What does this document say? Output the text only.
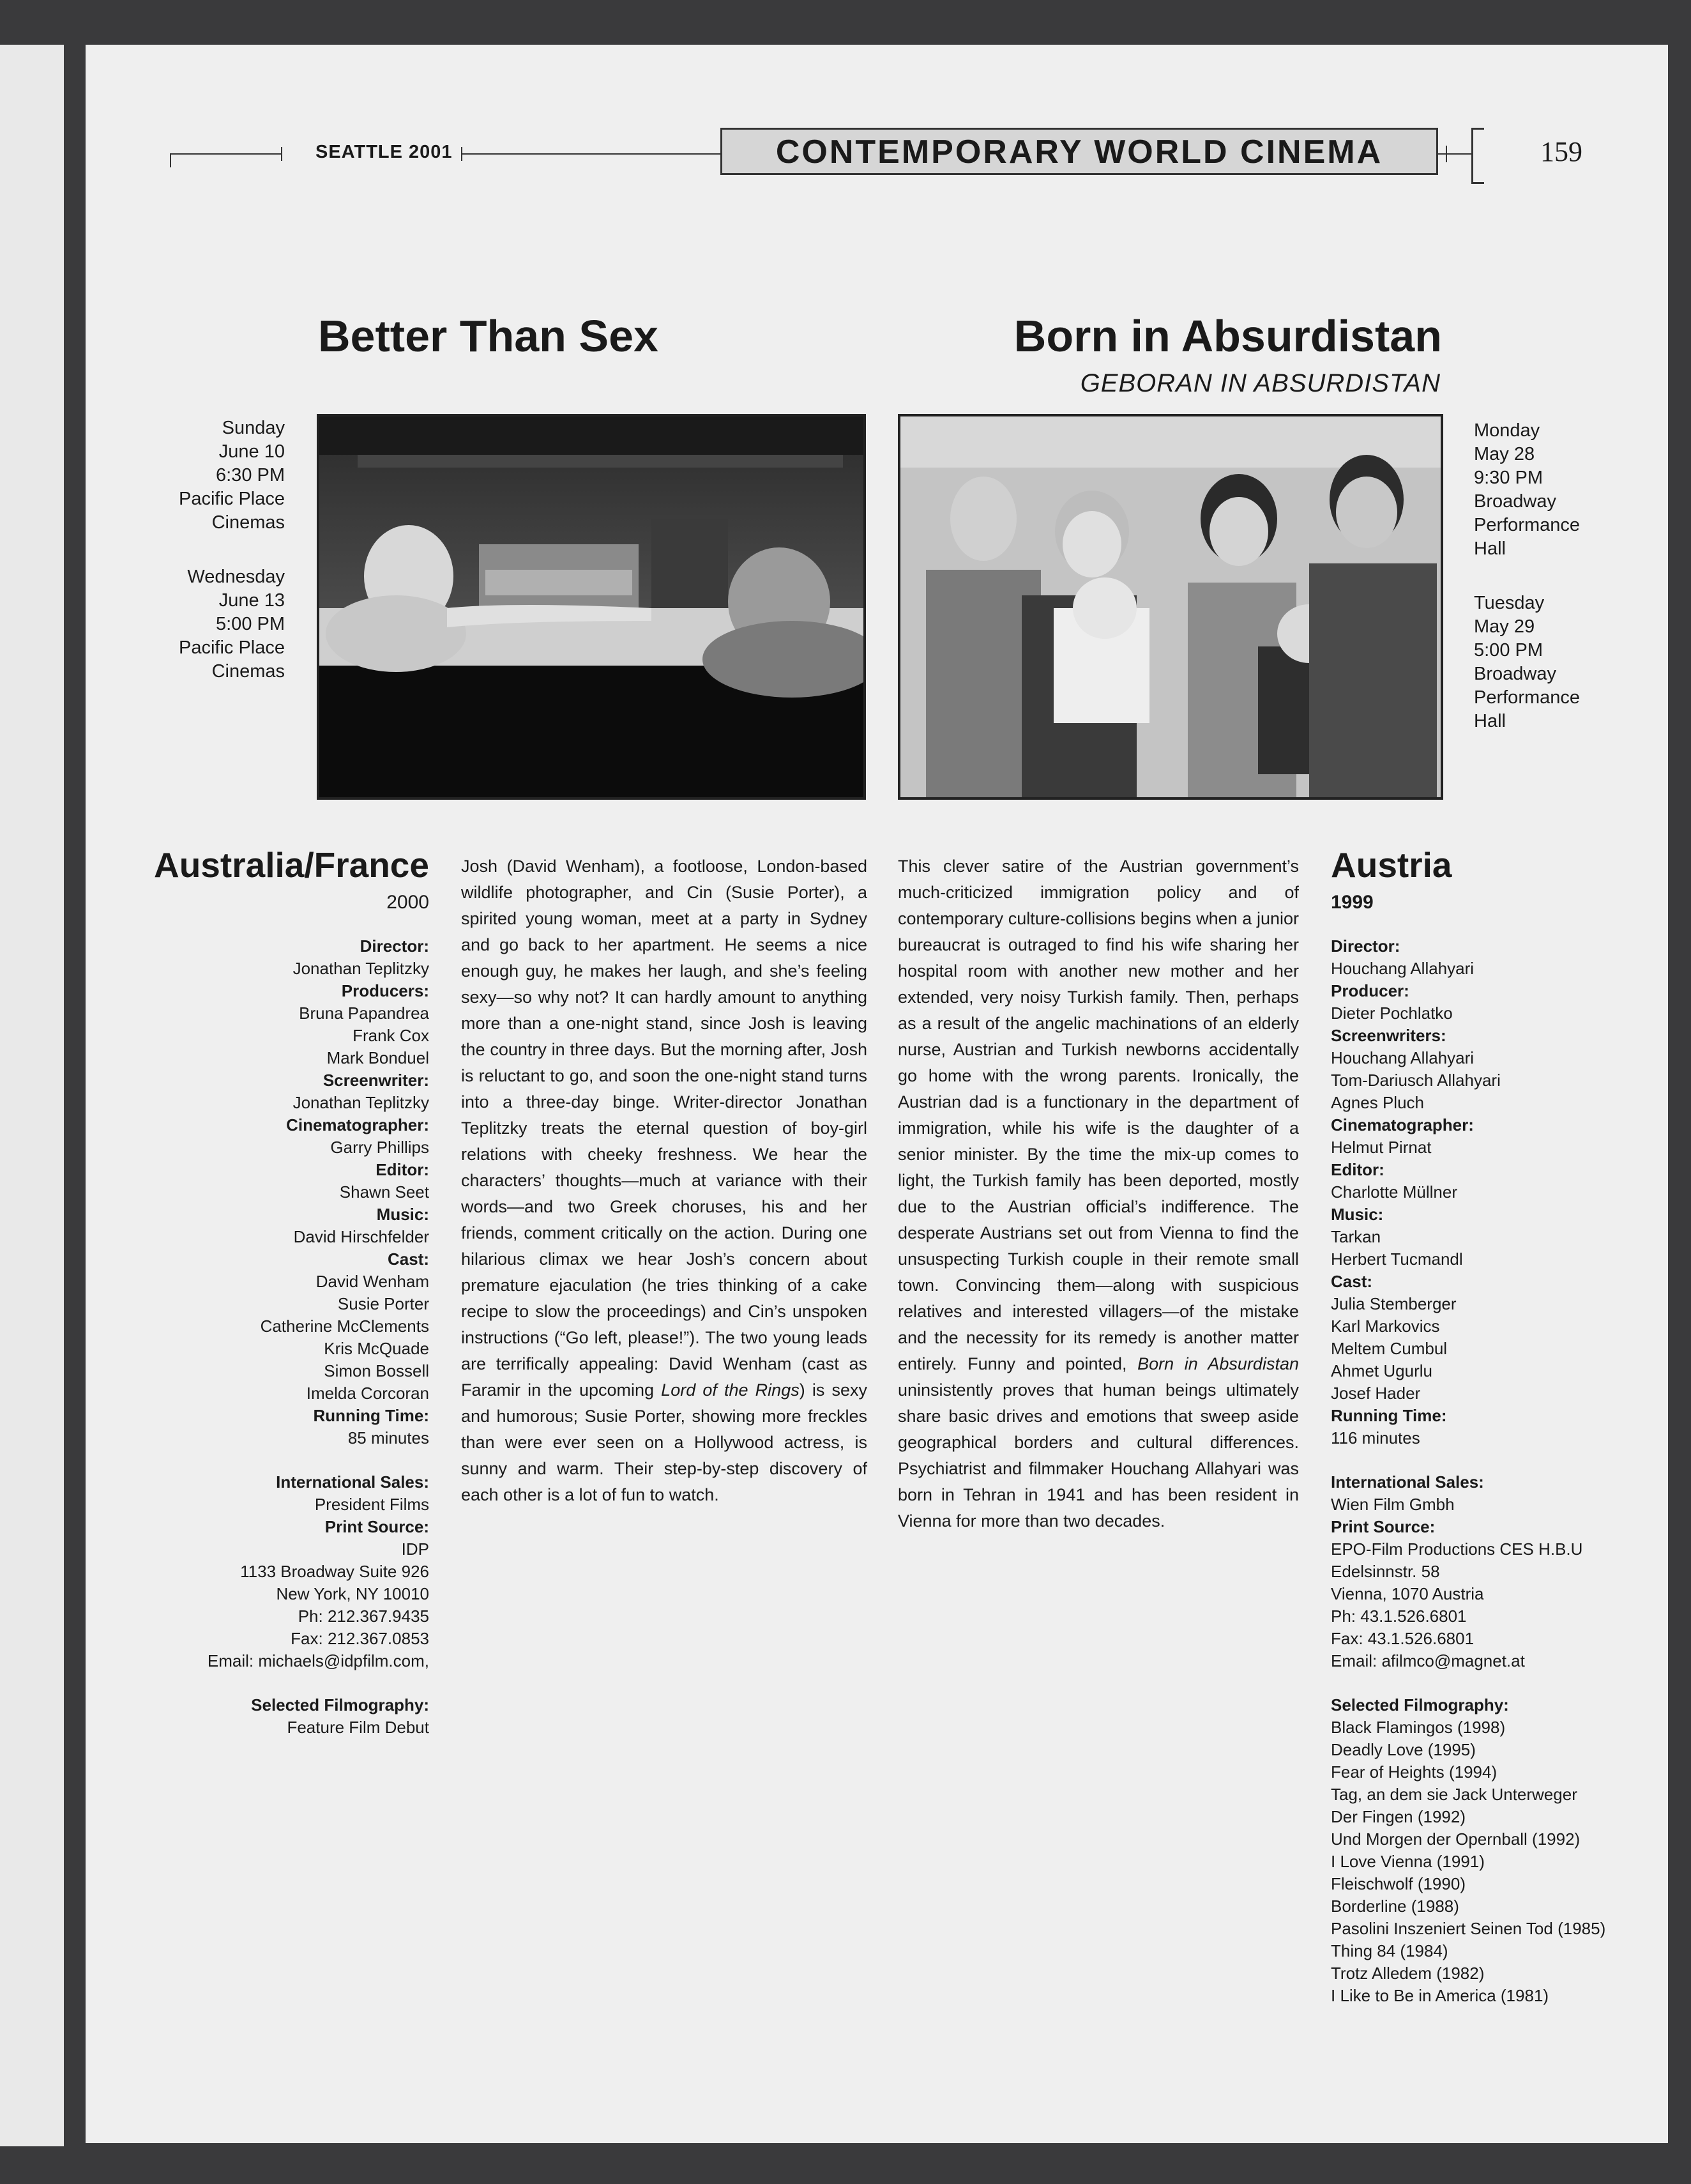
SEATTLE 2001	CONTEMPORARY WORLD CINEMA	159
Better Than Sex	Born in Absurdistan
GEBORAN IN ABSURDISTAN
Sunday
June 10
6:30 PM
Pacific Place
Cinemas
Wednesday
June 13
5:00 PM
Pacific Place
Cinemas
Monday
May 28
9:30 PM
Broadway
Performance
Hall
Tuesday
May 29
5:00 PM
Broadway
Performance
Hall
Australia/France
2000
Austria
1999
Director:
Jonathan Teplitzky
Producers:
Bruna Papandrea
Frank Cox
Mark Bonduel
Screenwriter:
Jonathan Teplitzky
Cinematographer:
Garry Phillips
Editor:
Shawn Seet
Music:
David Hirschfelder
Cast:
David Wenham
Susie Porter
Catherine McClements
Kris McQuade
Simon Bossell
Imelda Corcoran
Running Time:
85 minutes
International Sales:
President Films
Print Source:
IDP
1133 Broadway Suite 926
New York, NY 10010
Ph: 212.367.9435
Fax: 212.367.0853
Email: michaels@idpfilm.com,
Selected Filmography:
Feature Film Debut
Director:
Houchang Allahyari
Producer:
Dieter Pochlatko
Screenwriters:
Houchang Allahyari
Tom-Dariusch Allahyari
Agnes Pluch
Cinematographer:
Helmut Pirnat
Editor:
Charlotte Müllner
Music:
Tarkan
Herbert Tucmandl
Cast:
Julia Stemberger
Karl Markovics
Meltem Cumbul
Ahmet Ugurlu
Josef Hader
Running Time:
116 minutes
International Sales:
Wien Film Gmbh
Print Source:
EPO-Film Productions CES H.B.U
Edelsinnstr. 58
Vienna, 1070 Austria
Ph: 43.1.526.6801
Fax: 43.1.526.6801
Email: afilmco@magnet.at
Selected Filmography:
Black Flamingos (1998)
Deadly Love (1995)
Fear of Heights (1994)
Tag, an dem sie Jack Unterweger
Der Fingen (1992)
Und Morgen der Opernball (1992)
I Love Vienna (1991)
Fleischwolf (1990)
Borderline (1988)
Pasolini Inszeniert Seinen Tod (1985)
Thing 84 (1984)
Trotz Alledem (1982)
I Like to Be in America (1981)
Josh (David Wenham), a footloose, London-based wildlife photographer, and Cin (Susie Porter), a spirited young woman, meet at a party in Sydney and go back to her apartment. He seems a nice enough guy, he makes her laugh, and she’s feeling sexy—so why not? It can hardly amount to anything more than a one-night stand, since Josh is leaving the country in three days. But the morning after, Josh is reluctant to go, and soon the one-night stand turns into a three-day binge. Writer-director Jonathan Teplitzky treats the eternal question of boy-girl relations with cheeky freshness. We hear the characters’ thoughts—much at variance with their words—and two Greek choruses, his and her friends, comment critically on the action. During one hilarious climax we hear Josh’s concern about premature ejaculation (he tries thinking of a cake recipe to slow the proceedings) and Cin’s unspoken instructions (“Go left, please!”). The two young leads are terrifically appealing: David Wenham (cast as Faramir in the upcoming Lord of the Rings) is sexy and humorous; Susie Porter, showing more freckles than were ever seen on a Hollywood actress, is sunny and warm. Their step-by-step discovery of each other is a lot of fun to watch.
This clever satire of the Austrian government’s much-criticized immigration policy and of contemporary culture-collisions begins when a junior bureaucrat is outraged to find his wife sharing her hospital room with another new mother and her extended, very noisy Turkish family. Then, perhaps as a result of the angelic machinations of an elderly nurse, Austrian and Turkish newborns accidentally go home with the wrong parents. Ironically, the Austrian dad is a functionary in the department of immigration, while his wife is the daughter of a senior minister. By the time the mix-up comes to light, the Turkish family has been deported, mostly due to the Austrian official’s indifference. The desperate Austrians set out from Vienna to find the unsuspecting Turkish couple in their remote small town. Convincing them—along with suspicious relatives and interested villagers—of the mistake and the necessity for its remedy is another matter entirely. Funny and pointed, Born in Absurdistan uninsistently proves that human beings ultimately share basic drives and emotions that sweep aside geographical borders and cultural differences. Psychiatrist and filmmaker Houchang Allahyari was born in Tehran in 1941 and has been resident in Vienna for more than two decades.
